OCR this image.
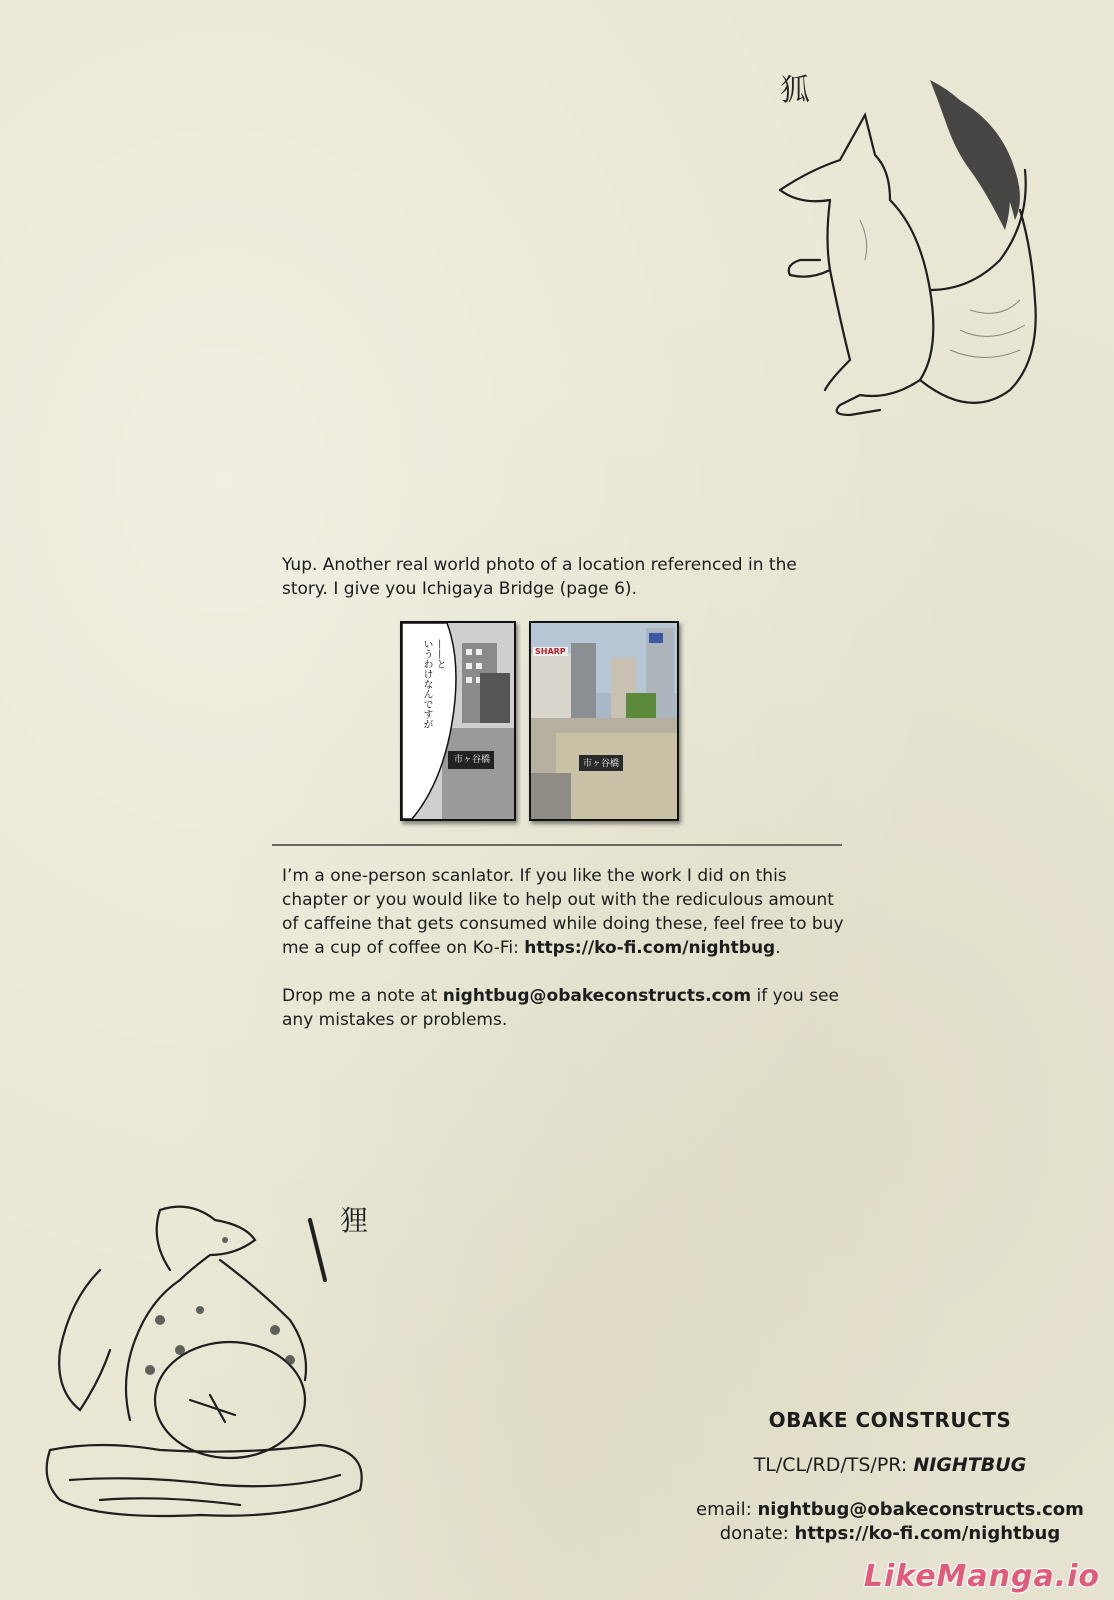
狐
Yup. Another real world photo of a location referenced in the
story. I give you Ichigaya Bridge (page 6).
——と
いうわけなんですが
市ヶ谷橋
SHARP
市ヶ谷橋
I’m a one-person scanlator. If you like the work I did on this
chapter or you would like to help out with the rediculous amount
of caffeine that gets consumed while doing these, feel free to buy
me a cup of coffee on Ko-Fi: https://ko-fi.com/nightbug.
Drop me a note at nightbug@obakeconstructs.com if you see
any mistakes or problems.
狸
OBAKE CONSTRUCTS
TL/CL/RD/TS/PR: NIGHTBUG
email: nightbug@obakeconstructs.com
donate: https://ko-fi.com/nightbug
LikeManga.io
